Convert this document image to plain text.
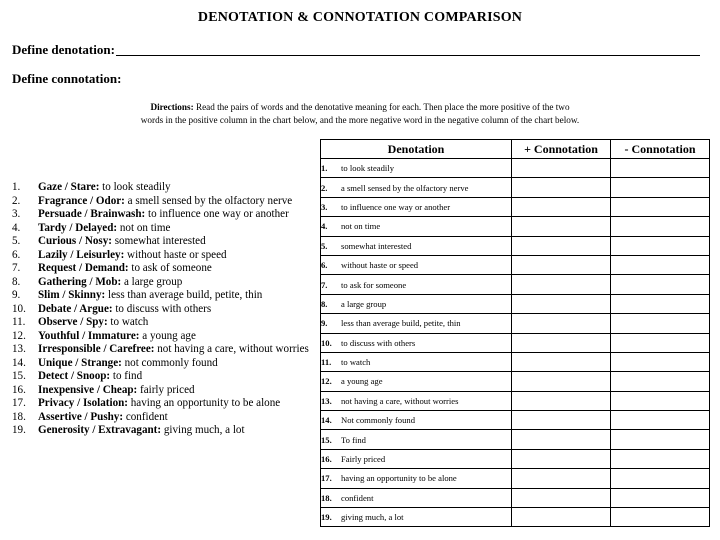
DENOTATION & CONNOTATION COMPARISON
Define denotation:
Define connotation:
Directions: Read the pairs of words and the denotative meaning for each. Then place the more positive of the two
words in the positive column in the chart below, and the more negative word in the negative column of the chart below.
1.	Gaze / Stare: to look steadily
2.	Fragrance / Odor: a smell sensed by the olfactory nerve
3.	Persuade / Brainwash: to influence one way or another
4.	Tardy / Delayed: not on time
5.	Curious / Nosy: somewhat interested
6.	Lazily / Leisurley: without haste or speed
7.	Request / Demand: to ask of someone
8.	Gathering / Mob: a large group
9.	Slim / Skinny: less than average build, petite, thin
10.	Debate / Argue: to discuss with others
11.	Observe / Spy: to watch
12.	Youthful / Immature: a young age
13.	Irresponsible / Carefree: not having a care, without worries
14.	Unique / Strange: not commonly found
15.	Detect / Snoop: to find
16.	Inexpensive / Cheap: fairly priced
17.	Privacy / Isolation: having an opportunity to be alone
18.	Assertive / Pushy: confident
19.	Generosity / Extravagant: giving much, a lot
Denotation	+ Connotation	- Connotation
1. to look steadily		
2. a smell sensed by the olfactory nerve		
3. to influence one way or another		
4. not on time		
5. somewhat interested		
6. without haste or speed		
7. to ask for someone		
8. a large group		
9. less than average build, petite, thin		
10. to discuss with others		
11. to watch		
12. a young age		
13. not having a care, without worries		
14. Not commonly found		
15. To find		
16. Fairly priced		
17. having an opportunity to be alone		
18. confident		
19. giving much, a lot		
